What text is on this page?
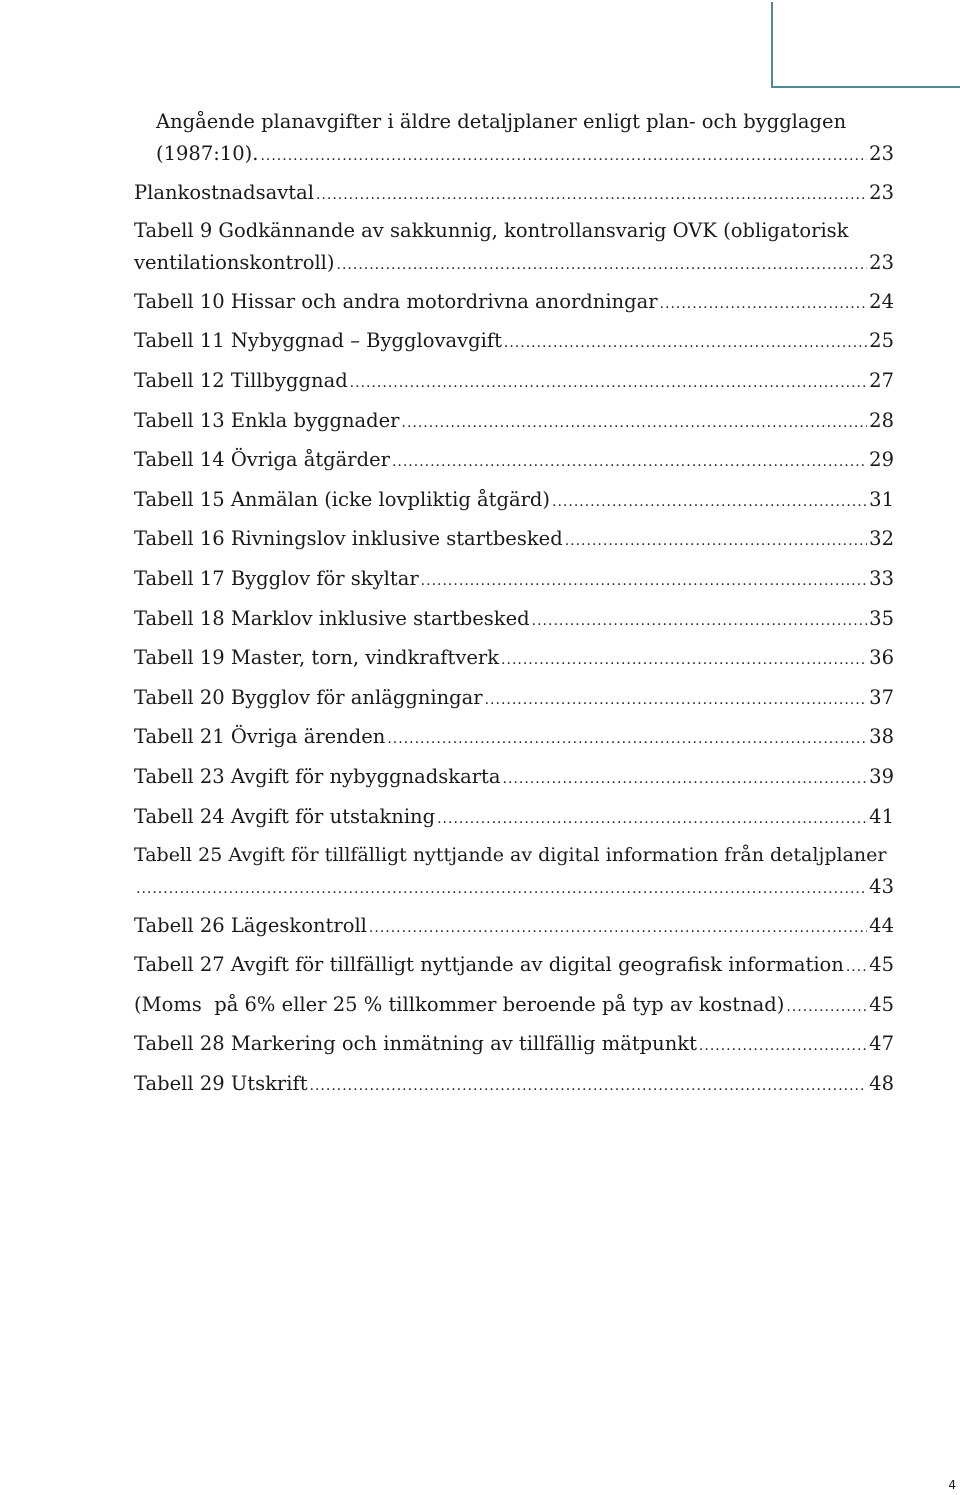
Angående planavgifter i äldre detaljplaner enligt plan- och bygglagen
(1987:10). .....	23
Plankostnadsavtal .....	23
Tabell 9 Godkännande av sakkunnig, kontrollansvarig OVK (obligatorisk
ventilationskontroll) .....	23
Tabell 10 Hissar och andra motordrivna anordningar .....	24
Tabell 11 Nybyggnad – Bygglovavgift .....	25
Tabell 12 Tillbyggnad .....	27
Tabell 13 Enkla byggnader .....	28
Tabell 14 Övriga åtgärder .....	29
Tabell 15 Anmälan (icke lovpliktig åtgärd) .....	31
Tabell 16 Rivningslov inklusive startbesked .....	32
Tabell 17 Bygglov för skyltar .....	33
Tabell 18 Marklov inklusive startbesked .....	35
Tabell 19 Master, torn, vindkraftverk .....	36
Tabell 20 Bygglov för anläggningar .....	37
Tabell 21 Övriga ärenden .....	38
Tabell 23 Avgift för nybyggnadskarta .....	39
Tabell 24 Avgift för utstakning .....	41
Tabell 25 Avgift för tillfälligt nyttjande av digital information från detaljplaner
.....
43
Tabell 26 Lägeskontroll .....	44
Tabell 27 Avgift för tillfälligt nyttjande av digital geografisk information ..... 45
(Moms  på 6% eller 25 % tillkommer beroende på typ av kostnad) .....	45
Tabell 28 Markering och inmätning av tillfällig mätpunkt .....	47
Tabell 29 Utskrift .....	48
4
